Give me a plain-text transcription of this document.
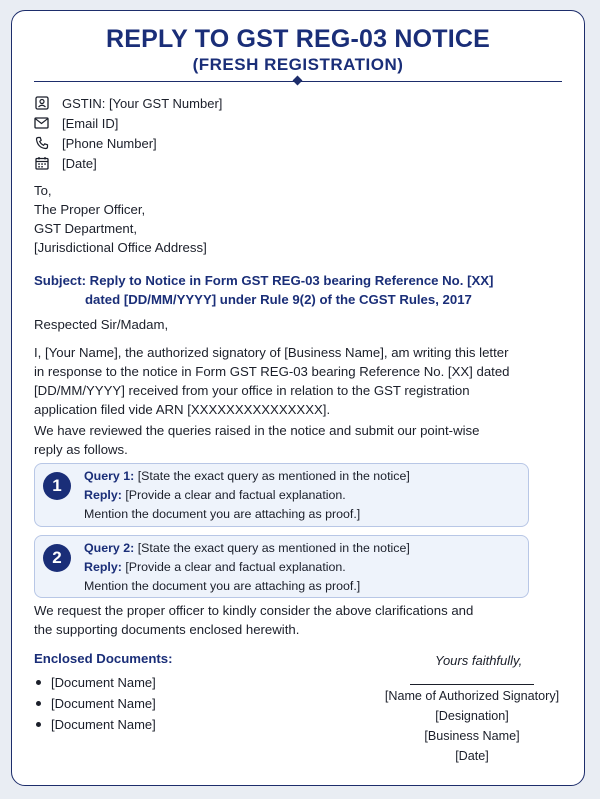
REPLY TO GST REG-03 NOTICE
(FRESH REGISTRATION)
GSTIN: [Your GST Number]
[Email ID]
[Phone Number]
[Date]
To,
The Proper Officer,
GST Department,
[Jurisdictional Office Address]
Subject: Reply to Notice in Form GST REG-03 bearing Reference No. [XX]
dated [DD/MM/YYYY] under Rule 9(2) of the CGST Rules, 2017
Respected Sir/Madam,
I, [Your Name], the authorized signatory of [Business Name], am writing this letter
in response to the notice in Form GST REG-03 bearing Reference No. [XX] dated
[DD/MM/YYYY] received from your office in relation to the GST registration
application filed vide ARN [XXXXXXXXXXXXXXX].
We have reviewed the queries raised in the notice and submit our point-wise
reply as follows.
1	Query 1: [State the exact query as mentioned in the notice]
Reply: [Provide a clear and factual explanation.
Mention the document you are attaching as proof.]
2	Query 2: [State the exact query as mentioned in the notice]
Reply: [Provide a clear and factual explanation.
Mention the document you are attaching as proof.]
We request the proper officer to kindly consider the above clarifications and
the supporting documents enclosed herewith.
Enclosed Documents:
[Document Name]
[Document Name]
[Document Name]
Yours faithfully,
[Name of Authorized Signatory]
[Designation]
[Business Name]
[Date]
